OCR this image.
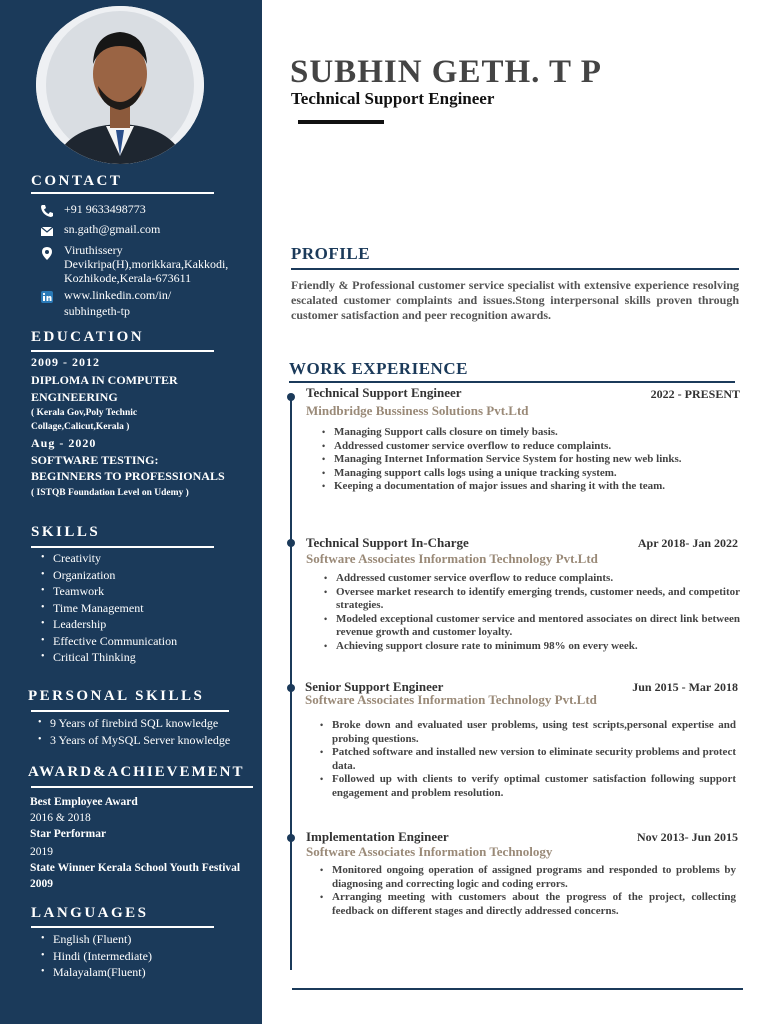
CONTACT
+91 9633498773
sn.gath@gmail.com
Viruthissery
Devikripa(H),morikkara,Kakkodi,
Kozhikode,Kerala-673611
www.linkedin.com/in/
subhingeth-tp
EDUCATION
2009 - 2012
DIPLOMA IN COMPUTER
ENGINEERING
( Kerala Gov,Poly Technic
Collage,Calicut,Kerala )
Aug - 2020
SOFTWARE TESTING:
BEGINNERS TO PROFESSIONALS
( ISTQB Foundation Level on Udemy )
SKILLS
• Creativity
• Organization
• Teamwork
• Time Management
• Leadership
• Effective Communication
• Critical Thinking
PERSONAL SKILLS
• 9 Years of firebird SQL knowledge
• 3 Years of MySQL Server knowledge
AWARD&ACHIEVEMENT
Best Employee Award
2016 & 2018
Star Performar
2019
State Winner Kerala School Youth Festival
2009
LANGUAGES
• English (Fluent)
• Hindi (Intermediate)
• Malayalam(Fluent)
SUBHIN GETH. T P
Technical Support Engineer
PROFILE
Friendly & Professional customer service specialist with extensive experience resolving escalated customer complaints and issues.Stong interpersonal skills proven through customer satisfaction and peer recognition awards.
WORK EXPERIENCE
Technical Support Engineer	2022 - PRESENT
Mindbridge Bussiness Solutions Pvt.Ltd
• Managing Support calls closure on timely basis.
• Addressed customer service overflow to reduce complaints.
• Managing Internet Information Service System for hosting new web links.
• Managing support calls logs using a unique tracking system.
• Keeping a documentation of major issues and sharing it with the team.
Technical Support In-Charge	Apr 2018- Jan 2022
Software Associates Information Technology Pvt.Ltd
• Addressed customer service overflow to reduce complaints.
• Oversee market research to identify emerging trends, customer needs, and competitor strategies.
• Modeled exceptional customer service and mentored associates on direct link between revenue growth and customer loyalty.
• Achieving support closure rate to minimum 98% on every week.
Senior Support Engineer	Jun 2015 - Mar 2018
Software Associates Information Technology Pvt.Ltd
• Broke down and evaluated user problems, using test scripts,personal expertise and probing questions.
• Patched software and installed new version to eliminate security problems and protect data.
• Followed up with clients to verify optimal customer satisfaction following support engagement and problem resolution.
Implementation Engineer	Nov 2013- Jun 2015
Software Associates Information Technology
• Monitored ongoing operation of assigned programs and responded to problems by diagnosing and correcting logic and coding errors.
• Arranging meeting with customers about the progress of the project, collecting feedback on different stages and directly addressed concerns.
